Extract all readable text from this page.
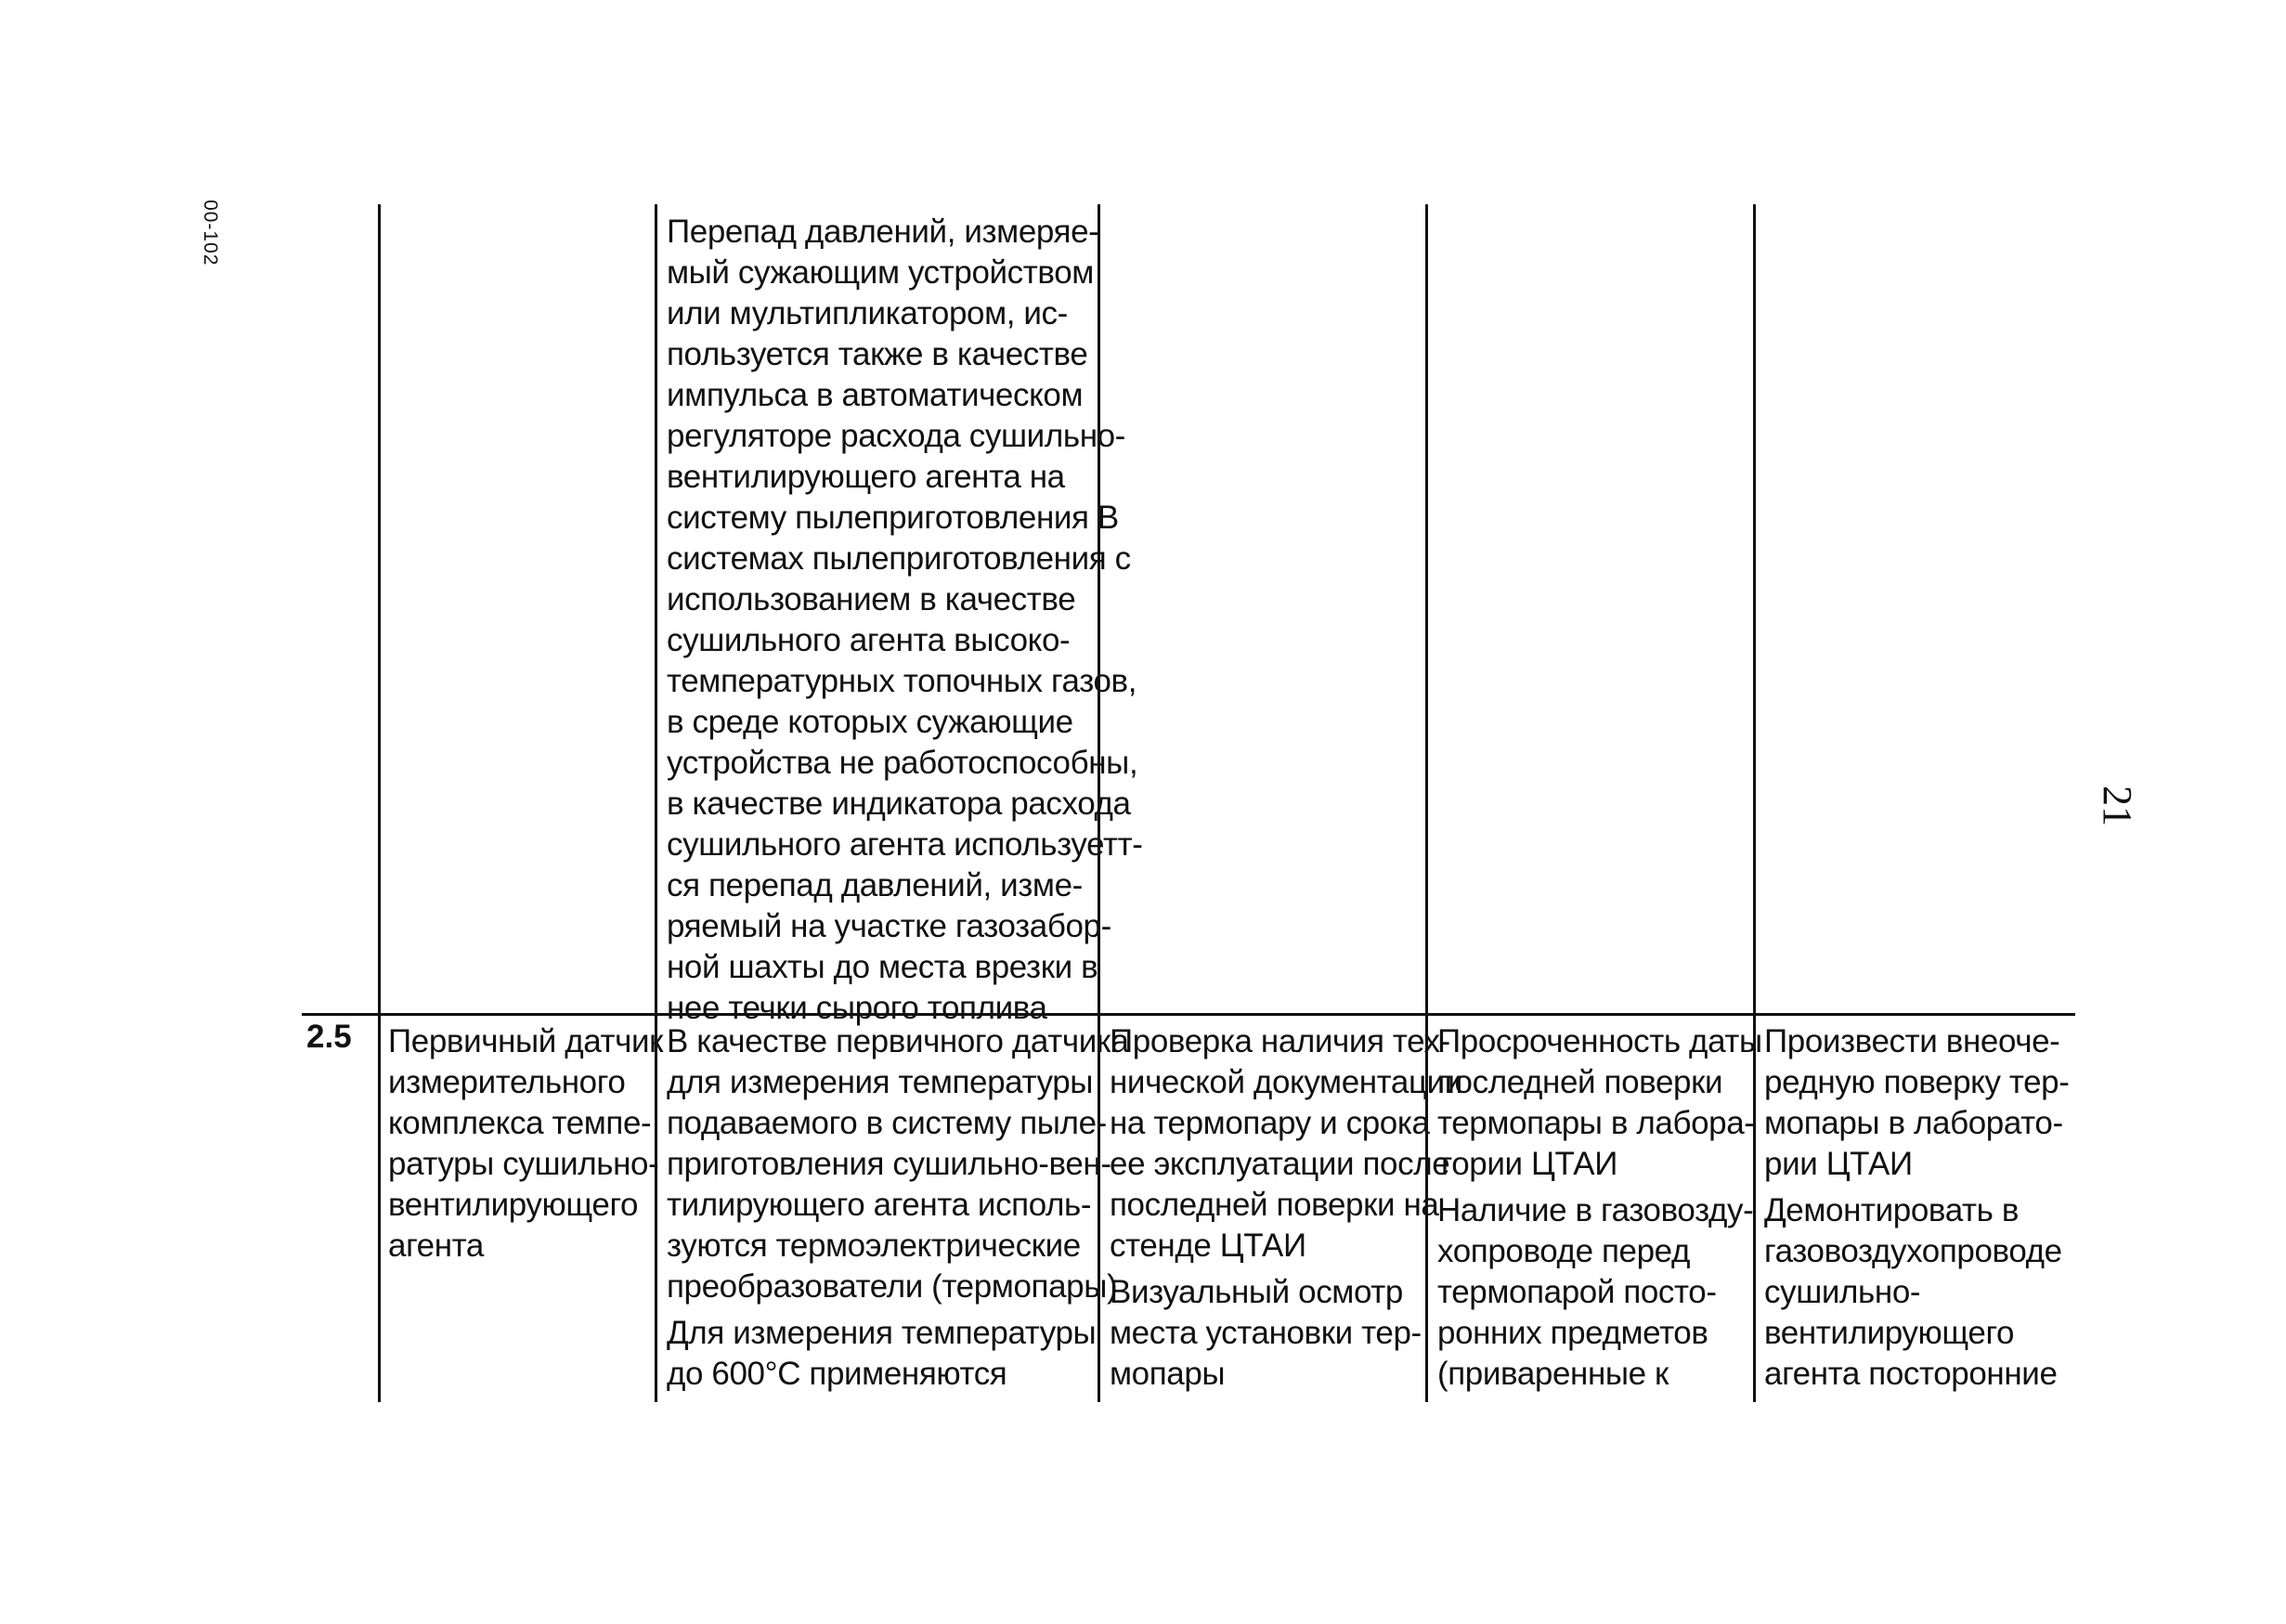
00-102
21

Перепад давлений, измеряе-
мый сужающим устройством
или мультипликатором, ис-
пользуется также в качестве
импульса в автоматическом
регуляторе расхода сушильно-
вентилирующего агента на
систему пылеприготовления В
системах пылеприготовления с
использованием в качестве
сушильного агента высоко-
температурных топочных газов,
в среде которых сужающие
устройства не работоспособны,
в качестве индикатора расхода
сушильного агента используетт-
ся перепад давлений, изме-
ряемый на участке газозабор-
ной шахты до места врезки в
нее течки сырого топлива

2.5 Первичный датчик
измерительного
комплекса темпе-
ратуры сушильно-
вентилирующего
агента

В качестве первичного датчика
для измерения температуры
подаваемого в систему пыле-
приготовления сушильно-вен-
тилирующего агента исполь-
зуются термоэлектрические
преобразователи (термопары)

Для измерения температуры
до 600°С применяются

Проверка наличия тех-
нической документации
на термопару и срока
ее эксплуатации после
последней поверки на
стенде ЦТАИ

Визуальный осмотр
места установки тер-
мопары

Просроченность даты
последней поверки
термопары в лабора-
тории ЦТАИ

Наличие в газовозду-
хопроводе перед
термопарой посто-
ронних предметов
(приваренные к

Произвести внеоче-
редную поверку тер-
мопары в лаборато-
рии ЦТАИ

Демонтировать в
газовоздухопроводе
сушильно-
вентилирующего
агента посторонние
